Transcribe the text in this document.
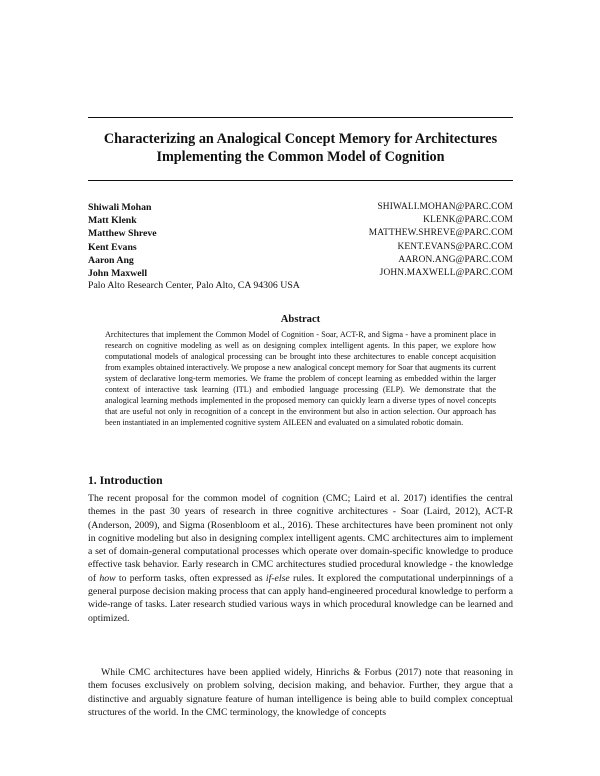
Characterizing an Analogical Concept Memory for Architectures
Implementing the Common Model of Cognition
Shiwali Mohan	SHIWALI.MOHAN@PARC.COM
Matt Klenk	KLENK@PARC.COM
Matthew Shreve	MATTHEW.SHREVE@PARC.COM
Kent Evans	KENT.EVANS@PARC.COM
Aaron Ang	AARON.ANG@PARC.COM
John Maxwell	JOHN.MAXWELL@PARC.COM
Palo Alto Research Center, Palo Alto, CA 94306 USA
Abstract

Architectures that implement the Common Model of Cognition - Soar, ACT-R, and Sigma - have a prominent place in research on cognitive modeling as well as on designing complex intelligent agents. In this paper, we explore how computational models of analogical processing can be brought into these architectures to enable concept acquisition from examples obtained interactively. We propose a new analogical concept memory for Soar that augments its current system of declarative long-term memories. We frame the problem of concept learning as embedded within the larger context of interactive task learning (ITL) and embodied language processing (ELP). We demonstrate that the analogical learning methods implemented in the proposed memory can quickly learn a diverse types of novel concepts that are useful not only in recognition of a concept in the environment but also in action selection. Our approach has been instantiated in an implemented cognitive system AILEEN and evaluated on a simulated robotic domain.

1. Introduction

The recent proposal for the common model of cognition (CMC; Laird et al. 2017) identifies the central themes in the past 30 years of research in three cognitive architectures - Soar (Laird, 2012), ACT-R (Anderson, 2009), and Sigma (Rosenbloom et al., 2016). These architectures have been prominent not only in cognitive modeling but also in designing complex intelligent agents. CMC architectures aim to implement a set of domain-general computational processes which operate over domain-specific knowledge to produce effective task behavior. Early research in CMC architectures studied procedural knowledge - the knowledge of how to perform tasks, often expressed as if-else rules. It explored the computational underpinnings of a general purpose decision making process that can apply hand-engineered procedural knowledge to perform a wide-range of tasks. Later research studied various ways in which procedural knowledge can be learned and optimized.

While CMC architectures have been applied widely, Hinrichs & Forbus (2017) note that reasoning in them focuses exclusively on problem solving, decision making, and behavior. Further, they argue that a distinctive and arguably signature feature of human intelligence is being able to build complex conceptual structures of the world. In the CMC terminology, the knowledge of concepts
